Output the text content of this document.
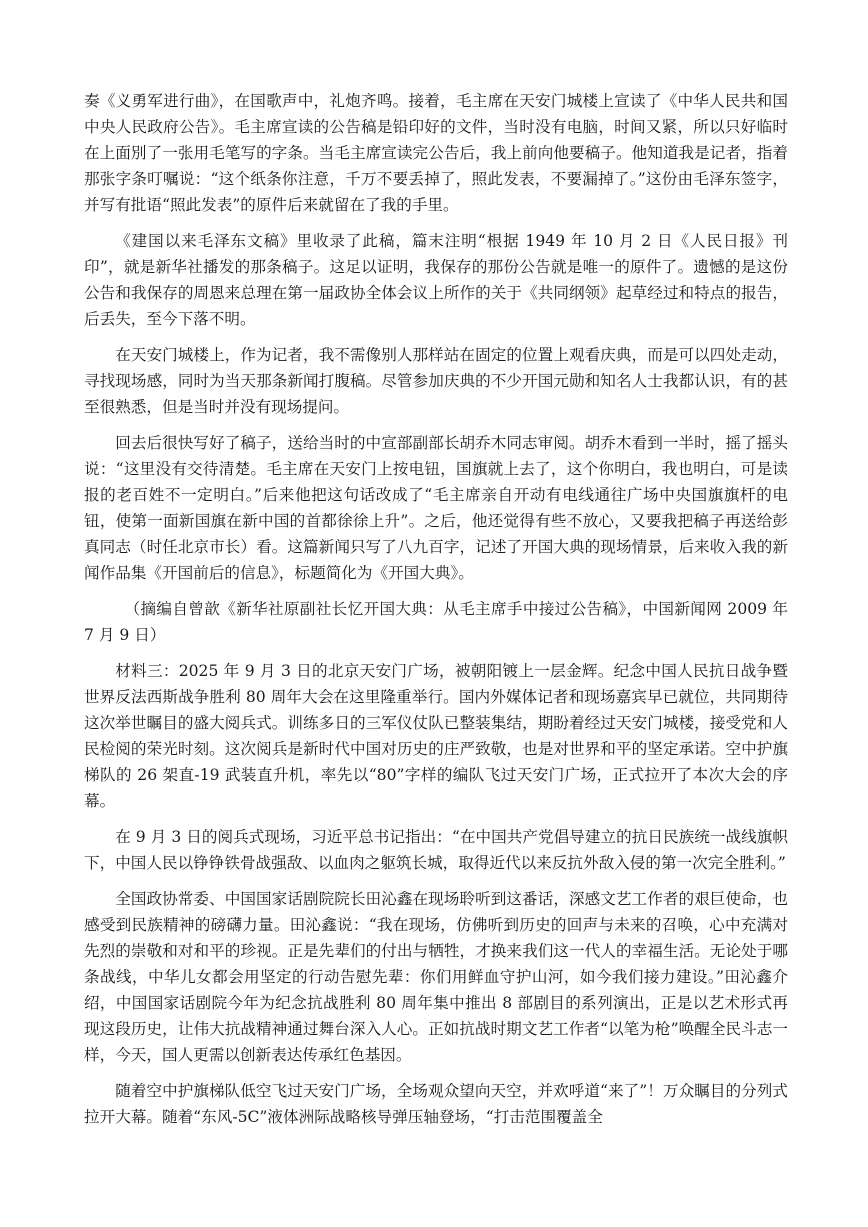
奏《义勇军进行曲》，在国歌声中，礼炮齐鸣。接着，毛主席在天安门城楼上宣读了《中华人民共和国中央人民政府公告》。毛主席宣读的公告稿是铅印好的文件，当时没有电脑，时间又紧，所以只好临时在上面別了一张用毛笔写的字条。当毛主席宣读完公告后，我上前向他要稿子。他知道我是记者，指着那张字条叮嘱说：“这个纸条你注意，千万不要丢掉了，照此发表，不要漏掉了。”这份由毛泽东签字，并写有批语“照此发表”的原件后来就留在了我的手里。

《建国以来毛泽东文稿》里收录了此稿，篇末注明“根据 1949 年 10 月 2 日《人民日报》刊印”，就是新华社播发的那条稿子。这足以证明，我保存的那份公告就是唯一的原件了。遗憾的是这份公告和我保存的周恩来总理在第一届政协全体会议上所作的关于《共同纲领》起草经过和特点的报告，后丢失，至今下落不明。

在天安门城楼上，作为记者，我不需像别人那样站在固定的位置上观看庆典，而是可以四处走动，寻找现场感，同时为当天那条新闻打腹稿。尽管参加庆典的不少开国元勋和知名人士我都认识，有的甚至很熟悉，但是当时并没有现场提问。

回去后很快写好了稿子，送给当时的中宣部副部长胡乔木同志审阅。胡乔木看到一半时，摇了摇头说：“这里没有交待清楚。毛主席在天安门上按电钮，国旗就上去了，这个你明白，我也明白，可是读报的老百姓不一定明白。”后来他把这句话改成了“毛主席亲自开动有电线通往广场中央国旗旗杆的电钮，使第一面新国旗在新中国的首都徐徐上升”。之后，他还觉得有些不放心，又要我把稿子再送给彭真同志（时任北京市长）看。这篇新闻只写了八九百字，记述了开国大典的现场情景，后来收入我的新闻作品集《开国前后的信息》，标题简化为《开国大典》。

（摘编自曾歆《新华社原副社长忆开国大典：从毛主席手中接过公告稿》，中国新闻网 2009 年 7 月 9 日）

材料三：2025 年 9 月 3 日的北京天安门广场，被朝阳镀上一层金辉。纪念中国人民抗日战争暨世界反法西斯战争胜利 80 周年大会在这里隆重举行。国内外媒体记者和现场嘉宾早已就位，共同期待这次举世瞩目的盛大阅兵式。训练多日的三军仪仗队已整装集结，期盼着经过天安门城楼，接受党和人民检阅的荣光时刻。这次阅兵是新时代中国对历史的庄严致敬，也是对世界和平的坚定承诺。空中护旗梯队的 26 架直-19 武装直升机，率先以“80”字样的编队飞过天安门广场，正式拉开了本次大会的序幕。

在 9 月 3 日的阅兵式现场，习近平总书记指出：“在中国共产党倡导建立的抗日民族统一战线旗帜下，中国人民以铮铮铁骨战强敌、以血肉之躯筑长城，取得近代以来反抗外敌入侵的第一次完全胜利。”

全国政协常委、中国国家话剧院院长田沁鑫在现场聆听到这番话，深感文艺工作者的艰巨使命，也感受到民族精神的磅礴力量。田沁鑫说：“我在现场，仿佛听到历史的回声与未来的召唤，心中充满对先烈的崇敬和对和平的珍视。正是先辈们的付出与牺牲，才换来我们这一代人的幸福生活。无论处于哪条战线，中华儿女都会用坚定的行动告慰先辈：你们用鲜血守护山河，如今我们接力建设。”田沁鑫介绍，中国国家话剧院今年为纪念抗战胜利 80 周年集中推出 8 部剧目的系列演出，正是以艺术形式再现这段历史，让伟大抗战精神通过舞台深入人心。正如抗战时期文艺工作者“以笔为枪”唤醒全民斗志一样，今天，国人更需以创新表达传承红色基因。

随着空中护旗梯队低空飞过天安门广场，全场观众望向天空，并欢呼道“来了”！万众瞩目的分列式拉开大幕。随着“东风-5C”液体洲际战略核导弹压轴登场，“打击范围覆盖全
